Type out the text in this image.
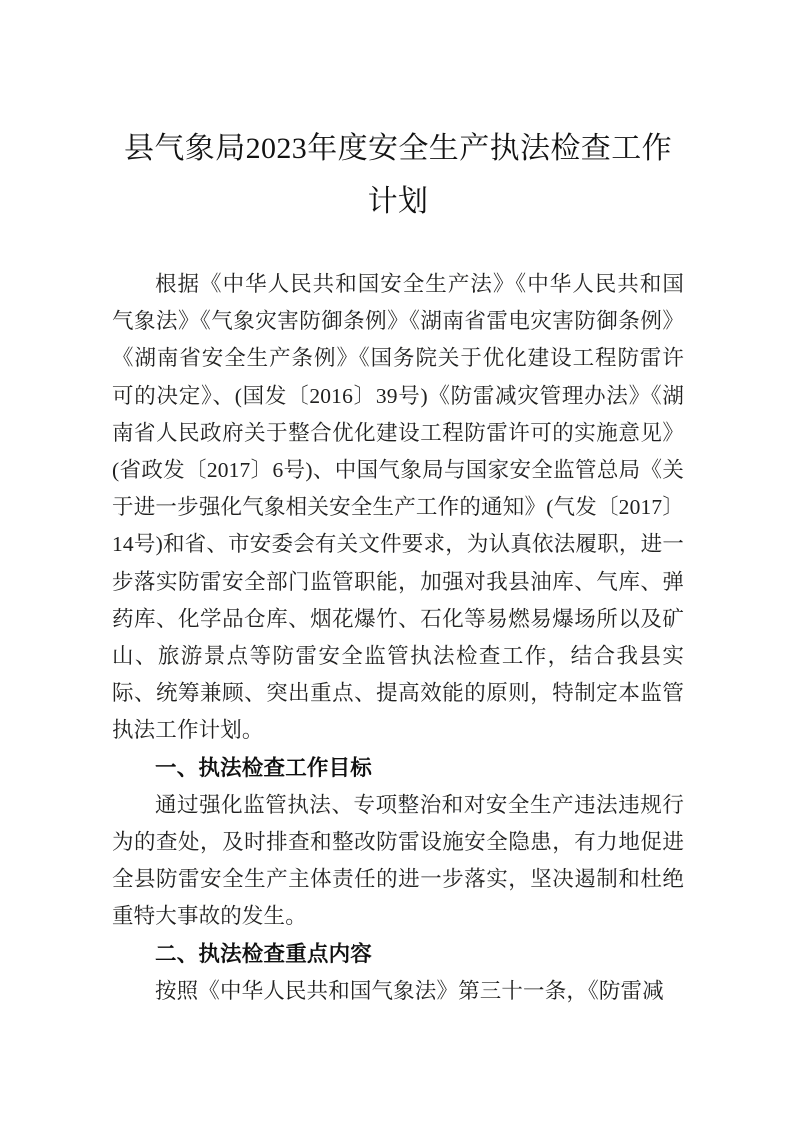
县气象局2023年度安全生产执法检查工作计划

根据《中华人民共和国安全生产法》《中华人民共和国气象法》《气象灾害防御条例》《湖南省雷电灾害防御条例》《湖南省安全生产条例》《国务院关于优化建设工程防雷许可的决定》、(国发〔2016〕39号)《防雷减灾管理办法》《湖南省人民政府关于整合优化建设工程防雷许可的实施意见》(省政发〔2017〕6号)、中国气象局与国家安全监管总局《关于进一步强化气象相关安全生产工作的通知》(气发〔2017〕14号)和省、市安委会有关文件要求，为认真依法履职，进一步落实防雷安全部门监管职能，加强对我县油库、气库、弹药库、化学品仓库、烟花爆竹、石化等易燃易爆场所以及矿山、旅游景点等防雷安全监管执法检查工作，结合我县实际、统筹兼顾、突出重点、提高效能的原则，特制定本监管执法工作计划。

一、执法检查工作目标

通过强化监管执法、专项整治和对安全生产违法违规行为的查处，及时排查和整改防雷设施安全隐患，有力地促进全县防雷安全生产主体责任的进一步落实，坚决遏制和杜绝重特大事故的发生。

二、执法检查重点内容

按照《中华人民共和国气象法》第三十一条，《防雷减
